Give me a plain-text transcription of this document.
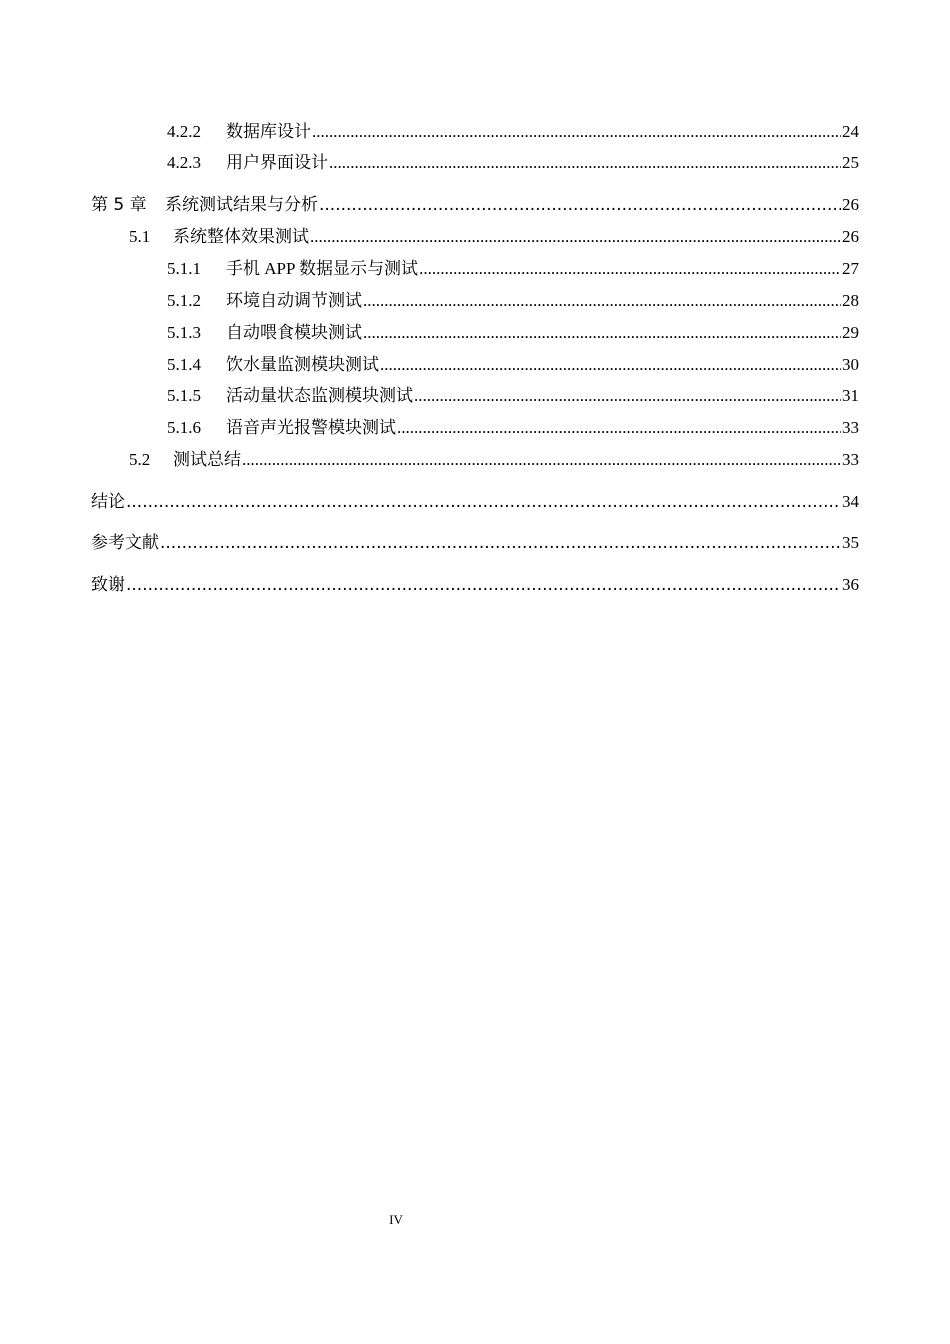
4.2.2	数据库设计 .....	24
4.2.3	用户界面设计 .....	25
第 5 章	系统测试结果与分析 .....	26
5.1	系统整体效果测试 .....	26
5.1.1	手机 APP 数据显示与测试 .....	27
5.1.2	环境自动调节测试 .....	28
5.1.3	自动喂食模块测试 .....	29
5.1.4	饮水量监测模块测试 .....	30
5.1.5	活动量状态监测模块测试 .....	31
5.1.6	语音声光报警模块测试 .....	33
5.2	测试总结 .....	33
结论 .....	34
参考文献 .....	35
致谢 .....	36
IV
